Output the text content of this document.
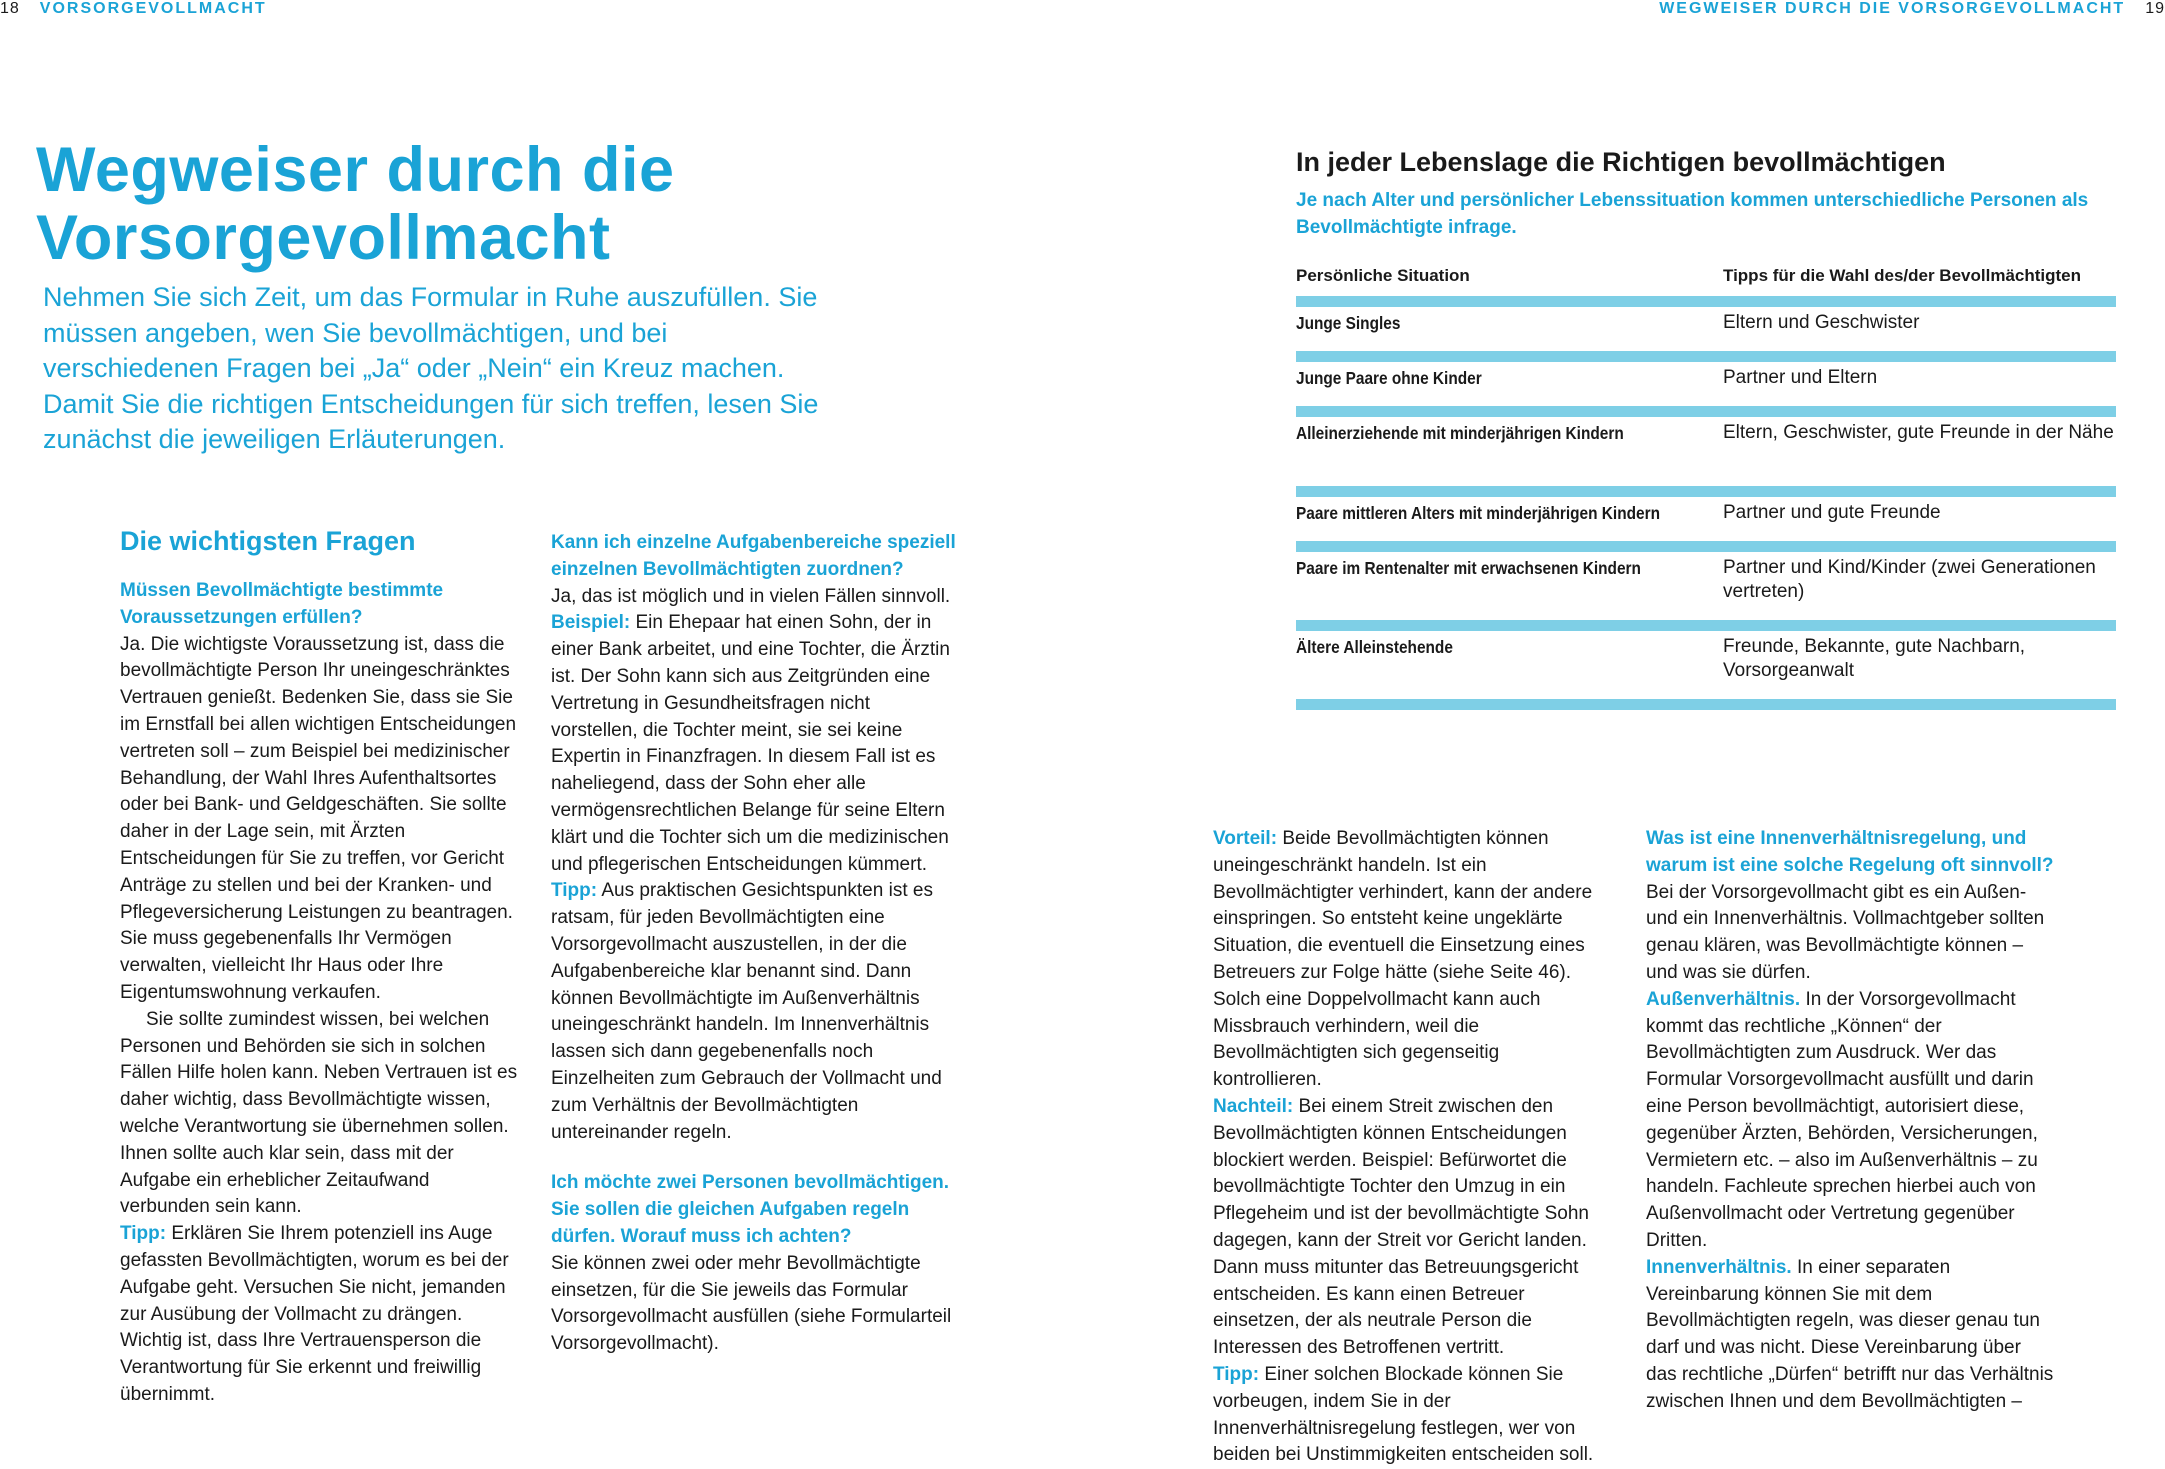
18 VORSORGEVOLLMACHT	WEGWEISER DURCH DIE VORSORGEVOLLMACHT 19
Wegweiser durch die
Vorsorgevollmacht

Nehmen Sie sich Zeit, um das Formular in Ruhe auszufüllen. Sie müssen angeben, wen Sie bevollmächtigen, und bei verschiedenen Fragen bei „Ja“ oder „Nein“ ein Kreuz machen. Damit Sie die richtigen Entscheidungen für sich treffen, lesen Sie zunächst die jeweiligen Erläuterungen.

Die wichtigsten Fragen

Müssen Bevollmächtigte bestimmte Voraussetzungen erfüllen?

Ja. Die wichtigste Voraussetzung ist, dass die bevollmächtigte Person Ihr uneingeschränktes Vertrauen genießt. Bedenken Sie, dass sie Sie im Ernstfall bei allen wichtigen Entscheidungen vertreten soll – zum Beispiel bei medizinischer Behandlung, der Wahl Ihres Aufenthaltsortes oder bei Bank- und Geldgeschäften. Sie sollte daher in der Lage sein, mit Ärzten Entscheidungen für Sie zu treffen, vor Gericht Anträge zu stellen und bei der Kranken- und Pflegeversicherung Leistungen zu beantragen. Sie muss gegebenenfalls Ihr Vermögen verwalten, vielleicht Ihr Haus oder Ihre Eigentumswohnung verkaufen.

Sie sollte zumindest wissen, bei welchen Personen und Behörden sie sich in solchen Fällen Hilfe holen kann. Neben Vertrauen ist es daher wichtig, dass Bevollmächtigte wissen, welche Verantwortung sie übernehmen sollen. Ihnen sollte auch klar sein, dass mit der Aufgabe ein erheblicher Zeitaufwand verbunden sein kann.

Tipp: Erklären Sie Ihrem potenziell ins Auge gefassten Bevollmächtigten, worum es bei der Aufgabe geht. Versuchen Sie nicht, jemanden zur Ausübung der Vollmacht zu drängen. Wichtig ist, dass Ihre Vertrauensperson die Verantwortung für Sie erkennt und freiwillig übernimmt.

Kann ich einzelne Aufgabenbereiche speziell einzelnen Bevollmächtigten zuordnen?

Ja, das ist möglich und in vielen Fällen sinnvoll.

Beispiel: Ein Ehepaar hat einen Sohn, der in einer Bank arbeitet, und eine Tochter, die Ärztin ist. Der Sohn kann sich aus Zeitgründen eine Vertretung in Gesundheitsfragen nicht vorstellen, die Tochter meint, sie sei keine Expertin in Finanzfragen. In diesem Fall ist es naheliegend, dass der Sohn eher alle vermögensrechtlichen Belange für seine Eltern klärt und die Tochter sich um die medizinischen und pflegerischen Entscheidungen kümmert.

Tipp: Aus praktischen Gesichtspunkten ist es ratsam, für jeden Bevollmächtigten eine Vorsorgevollmacht auszustellen, in der die Aufgabenbereiche klar benannt sind. Dann können Bevollmächtigte im Außenverhältnis uneingeschränkt handeln. Im Innenverhältnis lassen sich dann gegebenenfalls noch Einzelheiten zum Gebrauch der Vollmacht und zum Verhältnis der Bevollmächtigten untereinander regeln.

Ich möchte zwei Personen bevollmächtigen. Sie sollen die gleichen Aufgaben regeln dürfen. Worauf muss ich achten?

Sie können zwei oder mehr Bevollmächtigte einsetzen, für die Sie jeweils das Formular Vorsorgevollmacht ausfüllen (siehe Formularteil Vorsorgevollmacht).

In jeder Lebenslage die Richtigen bevollmächtigen

Je nach Alter und persönlicher Lebenssituation kommen unterschiedliche Personen als Bevollmächtigte infrage.

Persönliche Situation	Tipps für die Wahl des/der Bevollmächtigten
Junge Singles	Eltern und Geschwister
Junge Paare ohne Kinder	Partner und Eltern
Alleinerziehende mit minderjährigen Kindern	Eltern, Geschwister, gute Freunde in der Nähe
Paare mittleren Alters mit minderjährigen Kindern	Partner und gute Freunde
Paare im Rentenalter mit erwachsenen Kindern	Partner und Kind/Kinder (zwei Generationen vertreten)
Ältere Alleinstehende	Freunde, Bekannte, gute Nachbarn, Vorsorgeanwalt

Vorteil: Beide Bevollmächtigten können uneingeschränkt handeln. Ist ein Bevollmächtigter verhindert, kann der andere einspringen. So entsteht keine ungeklärte Situation, die eventuell die Einsetzung eines Betreuers zur Folge hätte (siehe Seite 46). Solch eine Doppelvollmacht kann auch Missbrauch verhindern, weil die Bevollmächtigten sich gegenseitig kontrollieren.

Nachteil: Bei einem Streit zwischen den Bevollmächtigten können Entscheidungen blockiert werden. Beispiel: Befürwortet die bevollmächtigte Tochter den Umzug in ein Pflegeheim und ist der bevollmächtigte Sohn dagegen, kann der Streit vor Gericht landen. Dann muss mitunter das Betreuungsgericht entscheiden. Es kann einen Betreuer einsetzen, der als neutrale Person die Interessen des Betroffenen vertritt.

Tipp: Einer solchen Blockade können Sie vorbeugen, indem Sie in der Innenverhältnisregelung festlegen, wer von beiden bei Unstimmigkeiten entscheiden soll.

Was ist eine Innenverhältnisregelung, und warum ist eine solche Regelung oft sinnvoll?

Bei der Vorsorgevollmacht gibt es ein Außen- und ein Innenverhältnis. Vollmachtgeber sollten genau klären, was Bevollmächtigte können – und was sie dürfen.

Außenverhältnis. In der Vorsorgevollmacht kommt das rechtliche „Können“ der Bevollmächtigten zum Ausdruck. Wer das Formular Vorsorgevollmacht ausfüllt und darin eine Person bevollmächtigt, autorisiert diese, gegenüber Ärzten, Behörden, Versicherungen, Vermietern etc. – also im Außenverhältnis – zu handeln. Fachleute sprechen hierbei auch von Außenvollmacht oder Vertretung gegenüber Dritten.

Innenverhältnis. In einer separaten Vereinbarung können Sie mit dem Bevollmächtigten regeln, was dieser genau tun darf und was nicht. Diese Vereinbarung über das rechtliche „Dürfen“ betrifft nur das Verhältnis zwischen Ihnen und dem Bevollmächtigten –
